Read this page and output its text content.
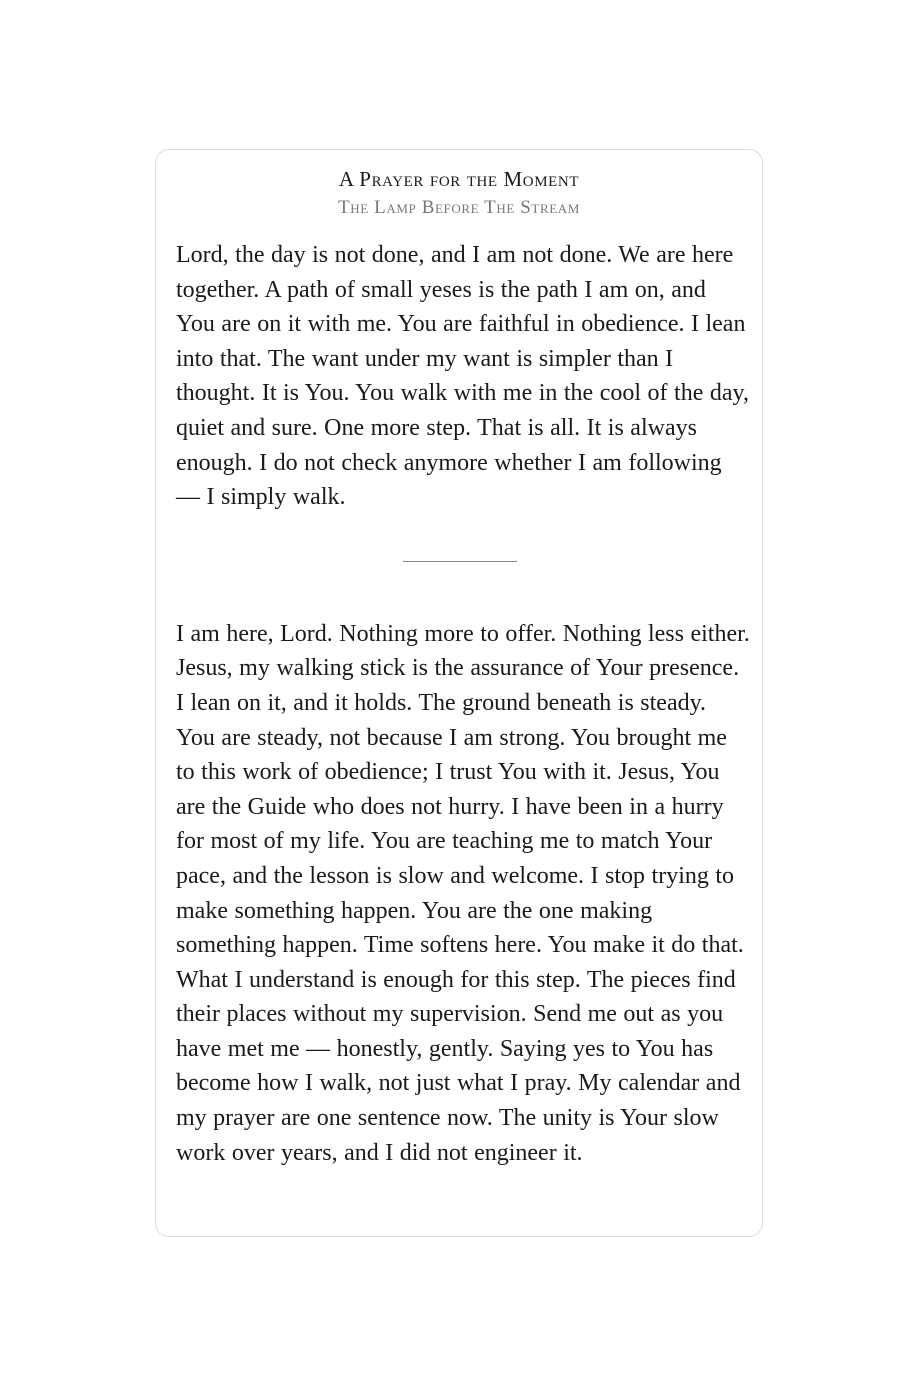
A Prayer for the Moment
The Lamp Before The Stream

Lord, the day is not done, and I am not done. We are here together. A path of small yeses is the path I am on, and You are on it with me. You are faithful in obedience. I lean into that. The want under my want is simpler than I thought. It is You. You walk with me in the cool of the day, quiet and sure. One more step. That is all. It is always enough. I do not check anymore whether I am following — I simply walk.

I am here, Lord. Nothing more to offer. Nothing less either. Jesus, my walking stick is the assurance of Your presence. I lean on it, and it holds. The ground beneath is steady. You are steady, not because I am strong. You brought me to this work of obedience; I trust You with it. Jesus, You are the Guide who does not hurry. I have been in a hurry for most of my life. You are teaching me to match Your pace, and the lesson is slow and welcome. I stop trying to make something happen. You are the one making something happen. Time softens here. You make it do that. What I understand is enough for this step. The pieces find their places without my supervision. Send me out as you have met me — honestly, gently. Saying yes to You has become how I walk, not just what I pray. My calendar and my prayer are one sentence now. The unity is Your slow work over years, and I did not engineer it.
